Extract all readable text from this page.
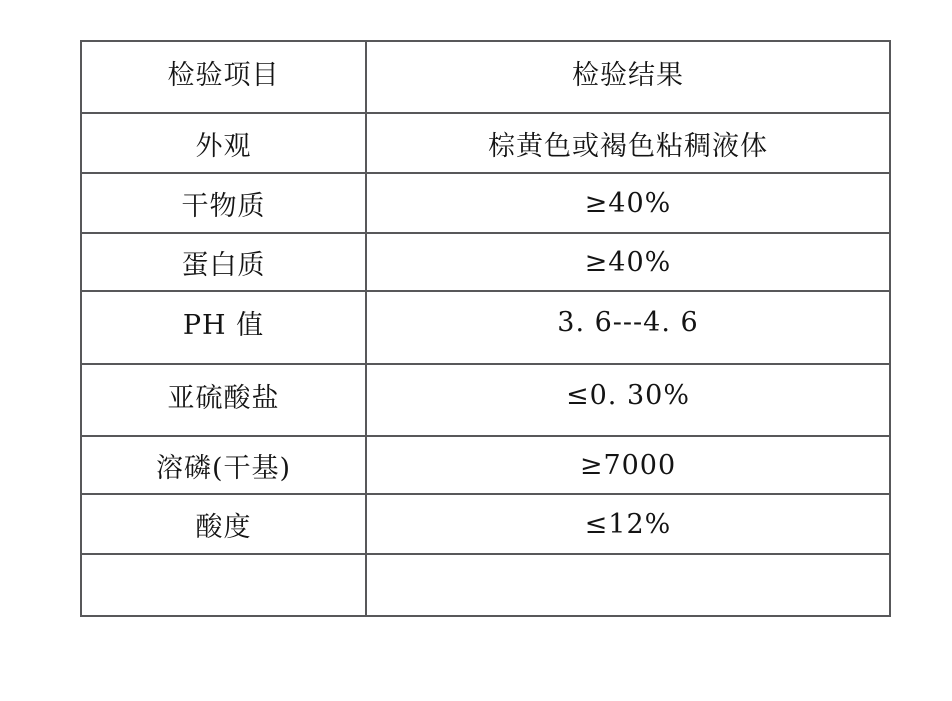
检验项目	检验结果
外观	棕黄色或褐色粘稠液体
干物质	≥40%
蛋白质	≥40%
PH 值	3. 6---4. 6
亚硫酸盐	≤0. 30%
溶磷(干基)	≥7000
酸度	≤12%
